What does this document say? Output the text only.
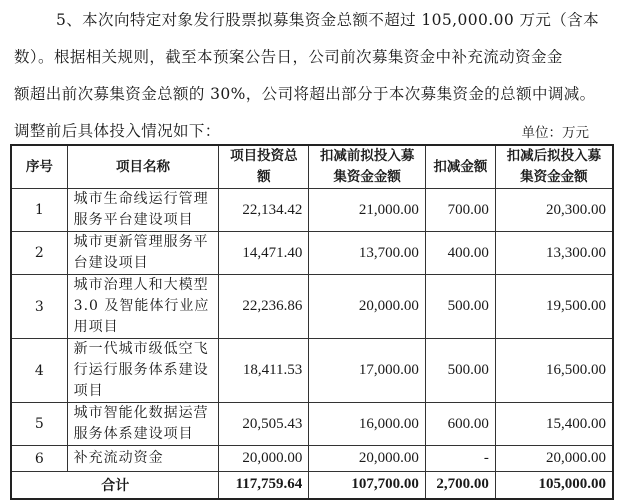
5、本次向特定对象发行股票拟募集资金总额不超过 105,000.00 万元（含本
数）。根据相关规则，截至本预案公告日，公司前次募集资金中补充流动资金金
额超出前次募集资金总额的 30%，公司将超出部分于本次募集资金的总额中调减。
调整前后具体投入情况如下：	单位：万元
序号	项目名称	项目投资总额	扣减前拟投入募集资金金额	扣减金额	扣减后拟投入募集资金金额
1	城市生命线运行管理服务平台建设项目	22,134.42	21,000.00	700.00	20,300.00
2	城市更新管理服务平台建设项目	14,471.40	13,700.00	400.00	13,300.00
3	城市治理人和大模型 3.0 及智能体行业应用项目	22,236.86	20,000.00	500.00	19,500.00
4	新一代城市级低空飞行运行服务体系建设项目	18,411.53	17,000.00	500.00	16,500.00
5	城市智能化数据运营服务体系建设项目	20,505.43	16,000.00	600.00	15,400.00
6	补充流动资金	20,000.00	20,000.00	-	20,000.00
合计		117,759.64	107,700.00	2,700.00	105,000.00
